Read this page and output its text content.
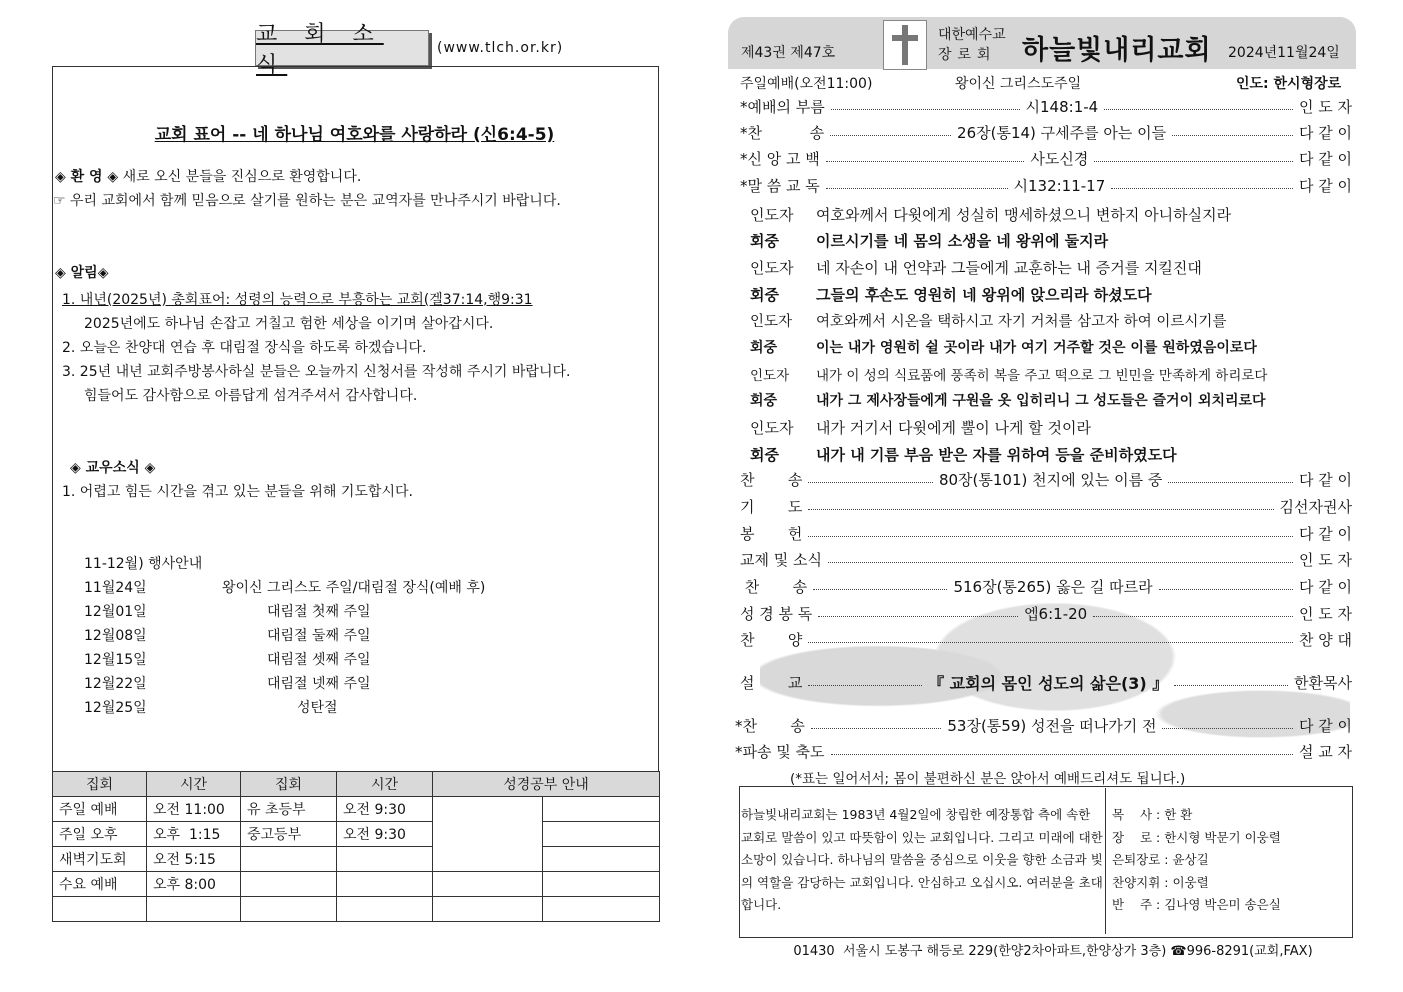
교 회 소 식
(www.tlch.or.kr)
교회 표어 -- 네 하나님 여호와를 사랑하라 (신6:4-5)
◈ 환 영 ◈ 새로 오신 분들을 진심으로 환영합니다.
☞ 우리 교회에서 함께 믿음으로 살기를 원하는 분은 교역자를 만나주시기 바랍니다.
◈ 알림◈
1. 내년(2025년) 총회표어: 성령의 능력으로 부흥하는 교회(겔37:14,행9:31
2025년에도 하나님 손잡고 거칠고 험한 세상을 이기며 살아갑시다.
2. 오늘은 찬양대 연습 후 대림절 장식을 하도록 하겠습니다.
3. 25년 내년 교회주방봉사하실 분들은 오늘까지 신청서를 작성해 주시기 바랍니다.
힘들어도 감사함으로 아름답게 섬겨주셔서 감사합니다.
◈ 교우소식 ◈
1. 어렵고 힘든 시간을 겪고 있는 분들을 위해 기도합시다.
11-12월) 행사안내
11월24일	왕이신 그리스도 주일/대림절 장식(예배 후)
12월01일	대림절 첫째 주일
12월08일	대림절 둘째 주일
12월15일	대림절 셋째 주일
12월22일	대림절 넷째 주일
12월25일	성탄절
집회	시간	집회	시간	성경공부 안내	
주일 예배	오전 11:00	유 초등부	오전 9:30		
주일 오후	오후  1:15	중고등부	오전 9:30		
새벽기도회	오전 5:15				
수요 예배	오후 8:00				

제43권 제47호
대한예수교
장로회 하늘빛내리교회 2024년11월24일
주일예배(오전11:00)	왕이신 그리스도주일	인도: 한시형장로
*예배의 부름	시148:1-4	인 도 자
*찬          송	26장(통14) 구세주를 아는 이들	다 같 이
*신 앙 고 백	사도신경	다 같 이
*말 씀 교 독	시132:11-17	다 같 이
인도자 여호와께서 다윗에게 성실히 맹세하셨으니 변하지 아니하실지라
회중 이르시기를 네 몸의 소생을 네 왕위에 둘지라
인도자 네 자손이 내 언약과 그들에게 교훈하는 내 증거를 지킬진대
회중 그들의 후손도 영원히 네 왕위에 앉으리라 하셨도다
인도자 여호와께서 시온을 택하시고 자기 거처를 삼고자 하여 이르시기를
회중	이는 내가 영원히 쉴 곳이라 내가 여기 거주할 것은 이를 원하였음이로다
인도자 내가 이 성의 식료품에 풍족히 복을 주고 떡으로 그 빈민을 만족하게 하리로다
회중	내가 그 제사장들에게 구원을 옷 입히리니 그 성도들은 즐거이 외치리로다
인도자 내가 거기서 다윗에게 뿔이 나게 할 것이라
회중 내가 내 기름 부음 받은 자를 위하여 등을 준비하였도다
찬       송	80장(통101) 천지에 있는 이름 중	다 같 이
기       도	김선자권사
봉       헌	다 같 이
교제 및 소식	인 도 자
찬       송	516장(통265) 옳은 길 따르라	다 같 이
성 경 봉 독	엡6:1-20	인 도 자
찬       양	찬 양 대
설       교	『 교회의 몸인 성도의 삶은(3) 』	한환목사
*찬       송	53장(통59) 성전을 떠나가기 전	다 같 이
*파송 및 축도	설 교 자
(*표는 일어서서; 몸이 불편하신 분은 앉아서 예배드리셔도 됩니다.)
하늘빛내리교회는 1983년 4월2일에 창립한 예장통합 측에 속한 교회로 말씀이 있고 따뜻함이 있는 교회입니다. 그리고 미래에 대한 소망이 있습니다. 하나님의 말씀을 중심으로 이웃을 향한 소금과 빛의 역할을 감당하는 교회입니다. 안심하고 오십시오. 여러분을 초대합니다.
목    사 : 한 환
장    로 : 한시형 박문기 이웅렬
은퇴장로 : 윤상길
찬양지휘 : 이웅렬
반    주 : 김나영 박은미 송은실
01430  서울시 도봉구 해등로 229(한양2차아파트,한양상가 3층) ☎996-8291(교회,FAX)
